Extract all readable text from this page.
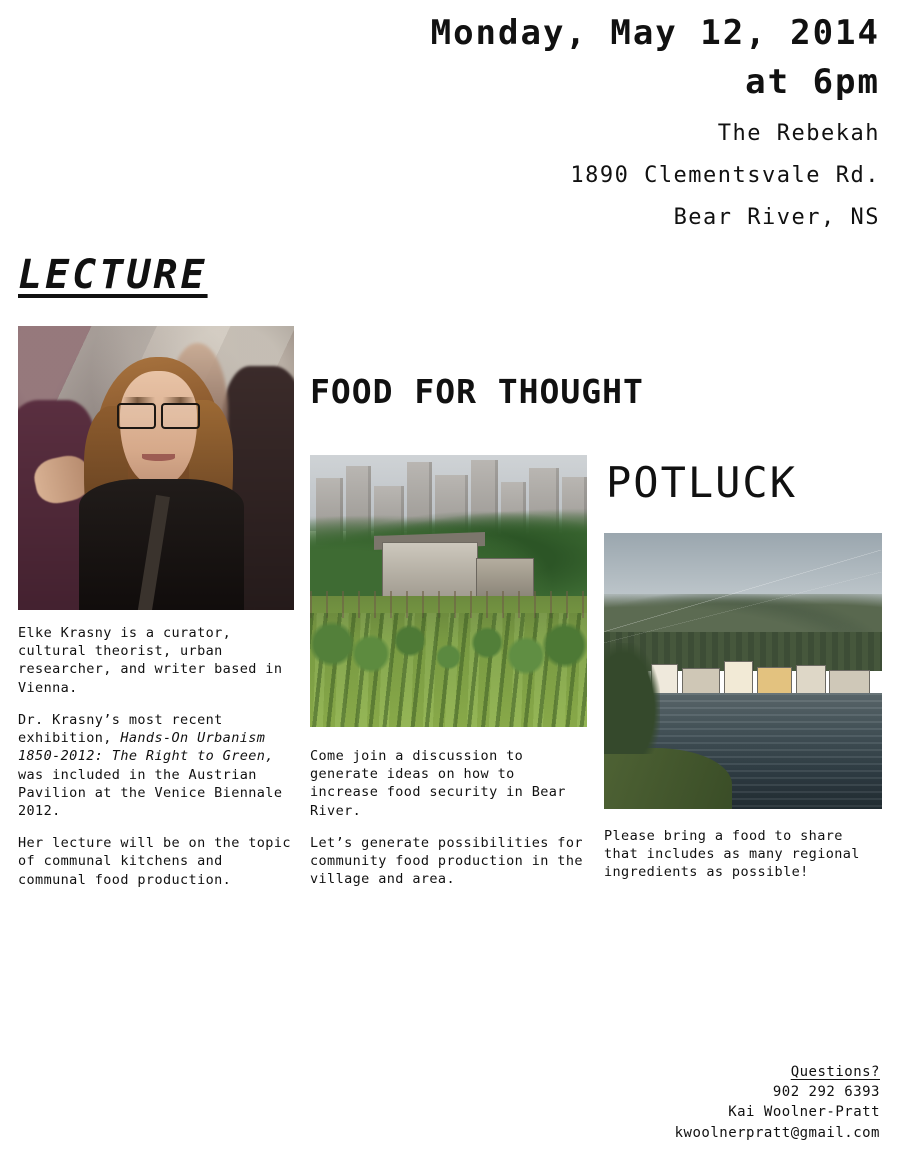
Monday, May 12, 2014
at 6pm
The Rebekah
1890 Clementsvale Rd.
Bear River, NS
LECTURE

Elke Krasny is a curator, cultural theorist, urban researcher, and writer based in Vienna.

Dr. Krasny’s most recent exhibition, Hands-On Urbanism 1850-2012: The Right to Green, was included in the Austrian Pavilion at the Venice Biennale 2012.

Her lecture will be on the topic of communal kitchens and communal food production.

FOOD FOR THOUGHT

Come join a discussion to generate ideas on how to increase food security in Bear River.

Let’s generate possibilities for community food production in the village and area.

POTLUCK

Please bring a food to share that includes as many regional ingredients as possible!

Questions?
902 292 6393
Kai Woolner-Pratt
kwoolnerpratt@gmail.com
